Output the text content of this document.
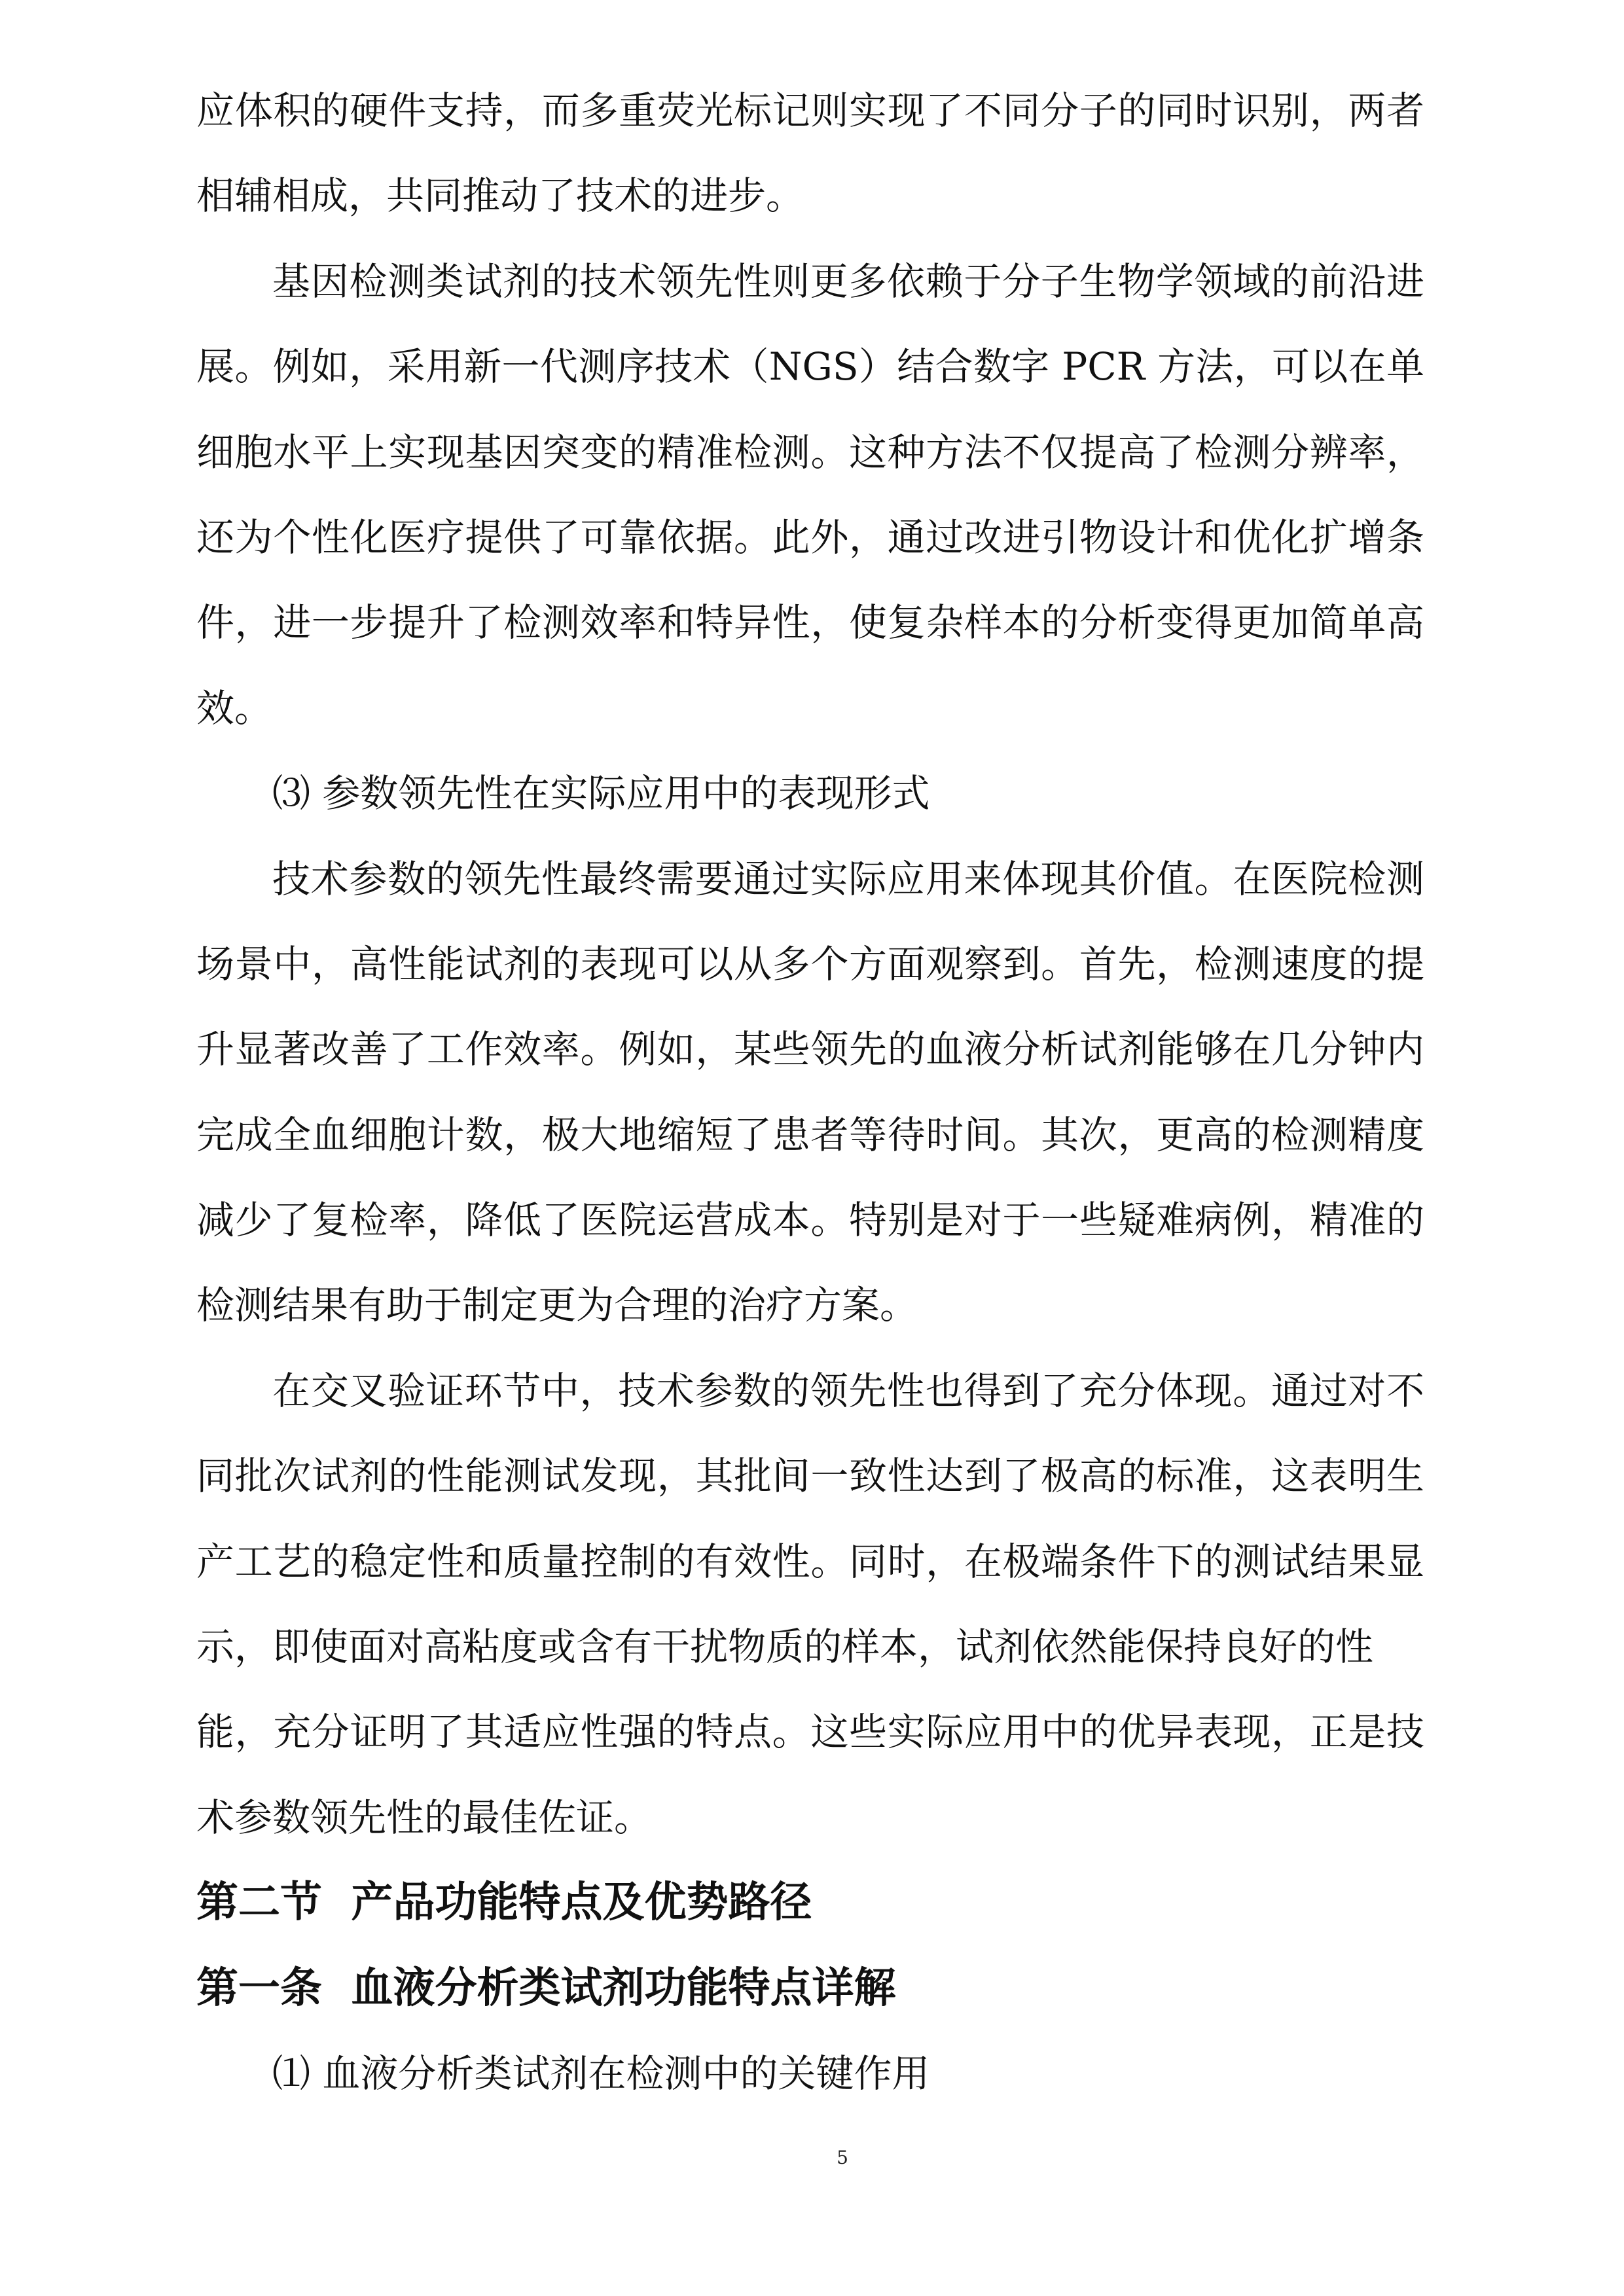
应体积的硬件支持，而多重荧光标记则实现了不同分子的同时识别，两者
相辅相成，共同推动了技术的进步。
基因检测类试剂的技术领先性则更多依赖于分子生物学领域的前沿进
展。例如，采用新一代测序技术（NGS）结合数字 PCR 方法，可以在单
细胞水平上实现基因突变的精准检测。这种方法不仅提高了检测分辨率，
还为个性化医疗提供了可靠依据。此外，通过改进引物设计和优化扩增条
件，进一步提升了检测效率和特异性，使复杂样本的分析变得更加简单高
效。
⑶ 参数领先性在实际应用中的表现形式
技术参数的领先性最终需要通过实际应用来体现其价值。在医院检测
场景中，高性能试剂的表现可以从多个方面观察到。首先，检测速度的提
升显著改善了工作效率。例如，某些领先的血液分析试剂能够在几分钟内
完成全血细胞计数，极大地缩短了患者等待时间。其次，更高的检测精度
减少了复检率，降低了医院运营成本。特别是对于一些疑难病例，精准的
检测结果有助于制定更为合理的治疗方案。
在交叉验证环节中，技术参数的领先性也得到了充分体现。通过对不
同批次试剂的性能测试发现，其批间一致性达到了极高的标准，这表明生
产工艺的稳定性和质量控制的有效性。同时，在极端条件下的测试结果显
示，即使面对高粘度或含有干扰物质的样本，试剂依然能保持良好的性
能，充分证明了其适应性强的特点。这些实际应用中的优异表现，正是技
术参数领先性的最佳佐证。
第二节  产品功能特点及优势路径
第一条  血液分析类试剂功能特点详解
⑴ 血液分析类试剂在检测中的关键作用
5
